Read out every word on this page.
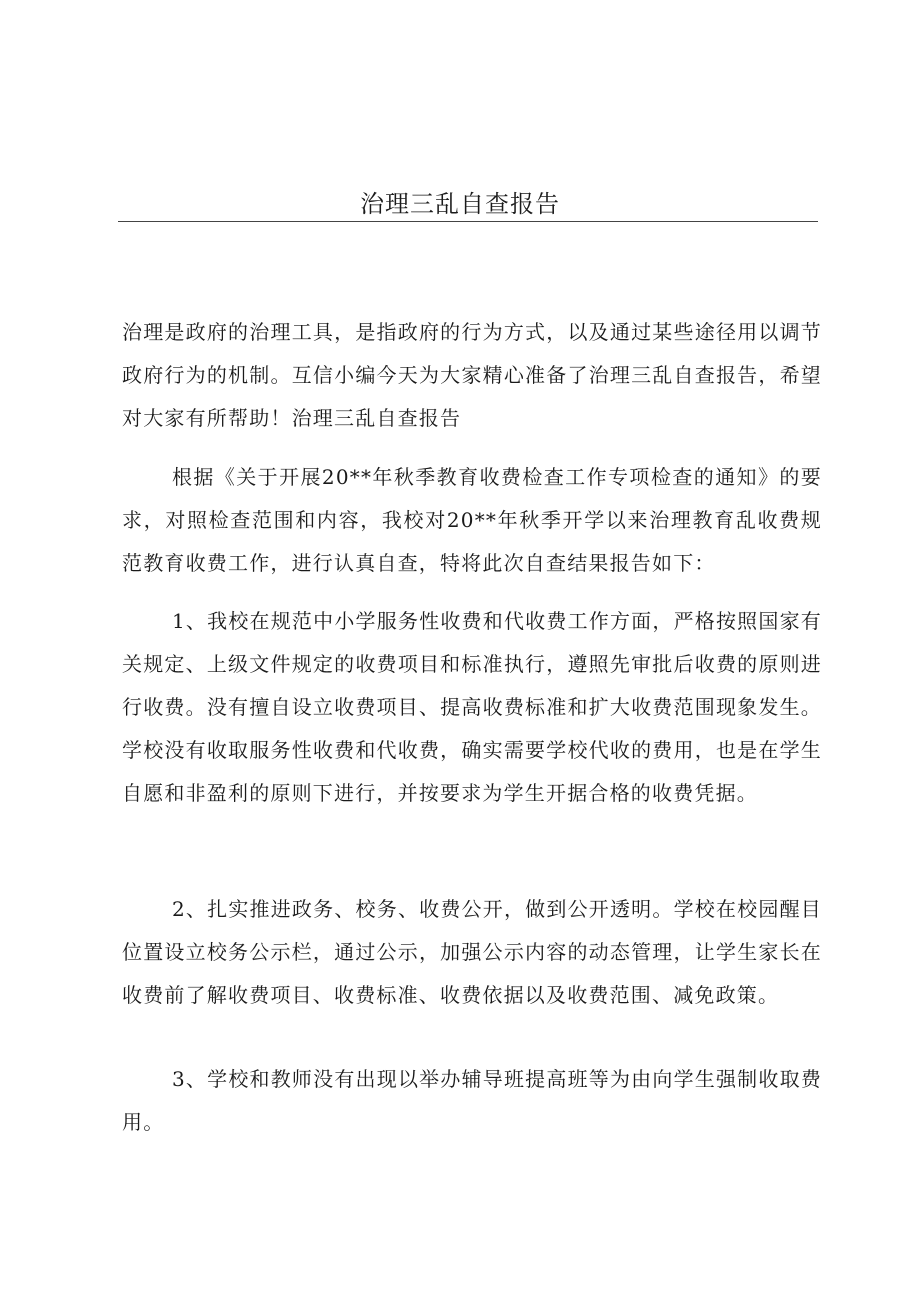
治理三乱自查报告

治理是政府的治理工具，是指政府的行为方式，以及通过某些途径用以调节政府行为的机制。互信小编今天为大家精心准备了治理三乱自查报告，希望对大家有所帮助！治理三乱自查报告

根据《关于开展20**年秋季教育收费检查工作专项检查的通知》的要求，对照检查范围和内容，我校对20**年秋季开学以来治理教育乱收费规范教育收费工作，进行认真自查，特将此次自查结果报告如下：

1、我校在规范中小学服务性收费和代收费工作方面，严格按照国家有关规定、上级文件规定的收费项目和标准执行，遵照先审批后收费的原则进行收费。没有擅自设立收费项目、提高收费标准和扩大收费范围现象发生。学校没有收取服务性收费和代收费，确实需要学校代收的费用，也是在学生自愿和非盈利的原则下进行，并按要求为学生开据合格的收费凭据。

2、扎实推进政务、校务、收费公开，做到公开透明。学校在校园醒目位置设立校务公示栏，通过公示，加强公示内容的动态管理，让学生家长在收费前了解收费项目、收费标准、收费依据以及收费范围、减免政策。

3、学校和教师没有出现以举办辅导班提高班等为由向学生强制收取费用。
